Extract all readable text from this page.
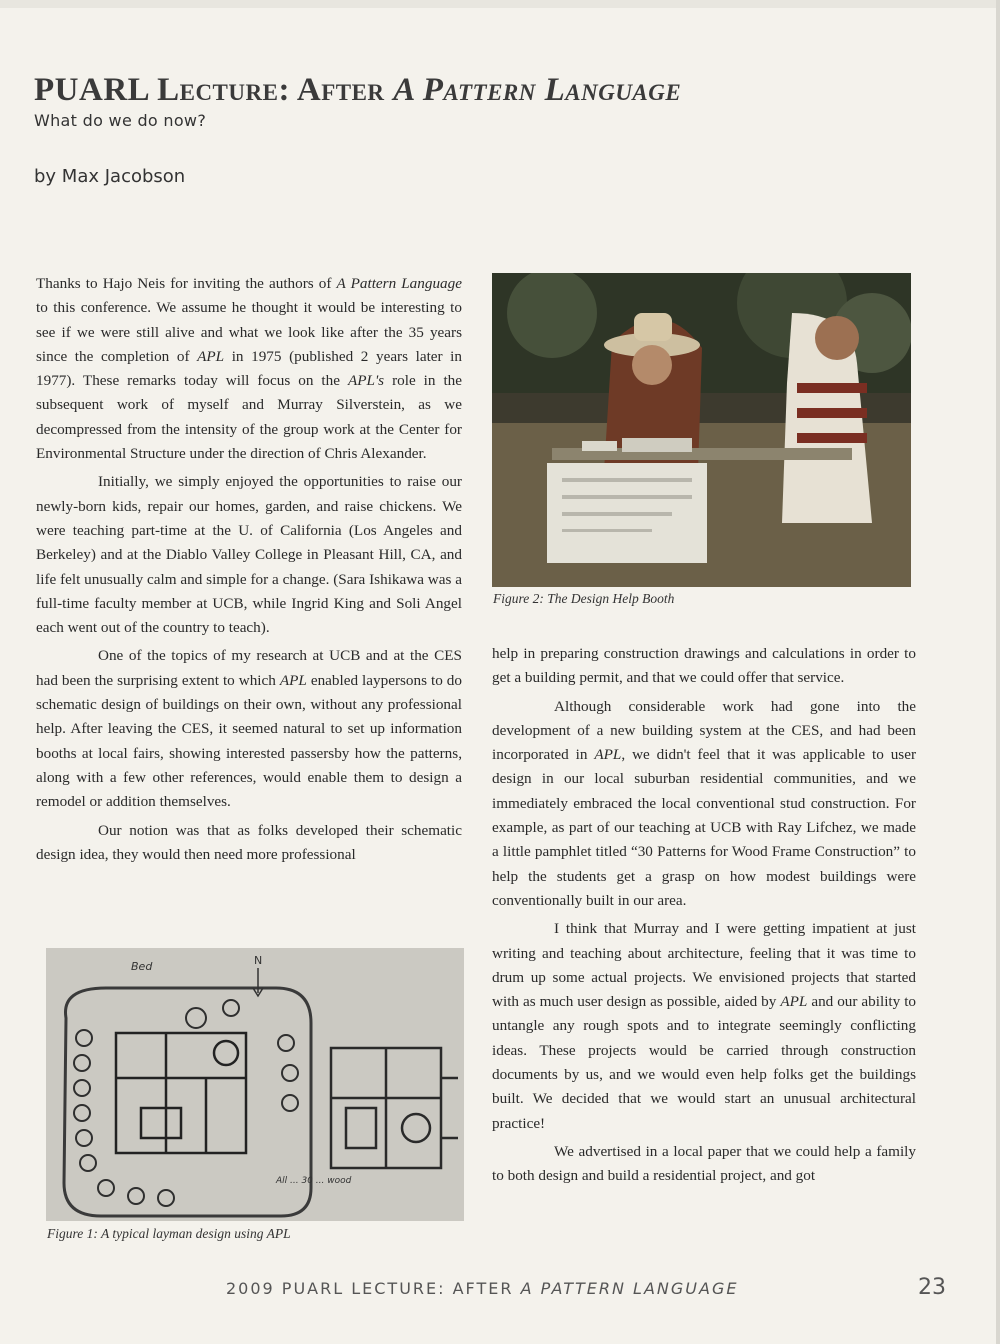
PUARL Lecture: After A Pattern Language
What do we do now?
by Max Jacobson

Thanks to Hajo Neis for inviting the authors of A Pattern Language to this conference. We assume he thought it would be interesting to see if we were still alive and what we look like after the 35 years since the completion of APL in 1975 (published 2 years later in 1977). These remarks today will focus on the APL's role in the subsequent work of myself and Murray Silverstein, as we decompressed from the intensity of the group work at the Center for Environmental Structure under the direction of Chris Alexander.

Initially, we simply enjoyed the opportunities to raise our newly-born kids, repair our homes, garden, and raise chickens. We were teaching part-time at the U. of California (Los Angeles and Berkeley) and at the Diablo Valley College in Pleasant Hill, CA, and life felt unusually calm and simple for a change. (Sara Ishikawa was a full-time faculty member at UCB, while Ingrid King and Soli Angel each went out of the country to teach).

One of the topics of my research at UCB and at the CES had been the surprising extent to which APL enabled laypersons to do schematic design of buildings on their own, without any professional help. After leaving the CES, it seemed natural to set up information booths at local fairs, showing interested passersby how the patterns, along with a few other references, would enable them to design a remodel or addition themselves.

Our notion was that as folks developed their schematic design idea, they would then need more professional

Figure 2: The Design Help Booth

help in preparing construction drawings and calculations in order to get a building permit, and that we could offer that service.

Although considerable work had gone into the development of a new building system at the CES, and had been incorporated in APL, we didn't feel that it was applicable to user design in our local suburban residential communities, and we immediately embraced the local conventional stud construction. For example, as part of our teaching at UCB with Ray Lifchez, we made a little pamphlet titled “30 Patterns for Wood Frame Construction” to help the students get a grasp on how modest buildings were conventionally built in our area.

I think that Murray and I were getting impatient at just writing and teaching about architecture, feeling that it was time to drum up some actual projects. We envisioned projects that started with as much user design as possible, aided by APL and our ability to untangle any rough spots and to integrate seemingly conflicting ideas. These projects would be carried through construction documents by us, and we would even help folks get the buildings built. We decided that we would start an unusual architectural practice!

We advertised in a local paper that we could help a family to both design and build a residential project, and got

Bed	N
All ... 30 ... wood
Figure 1: A typical layman design using APL
2009 PUARL LECTURE: AFTER A PATTERN LANGUAGE	23
